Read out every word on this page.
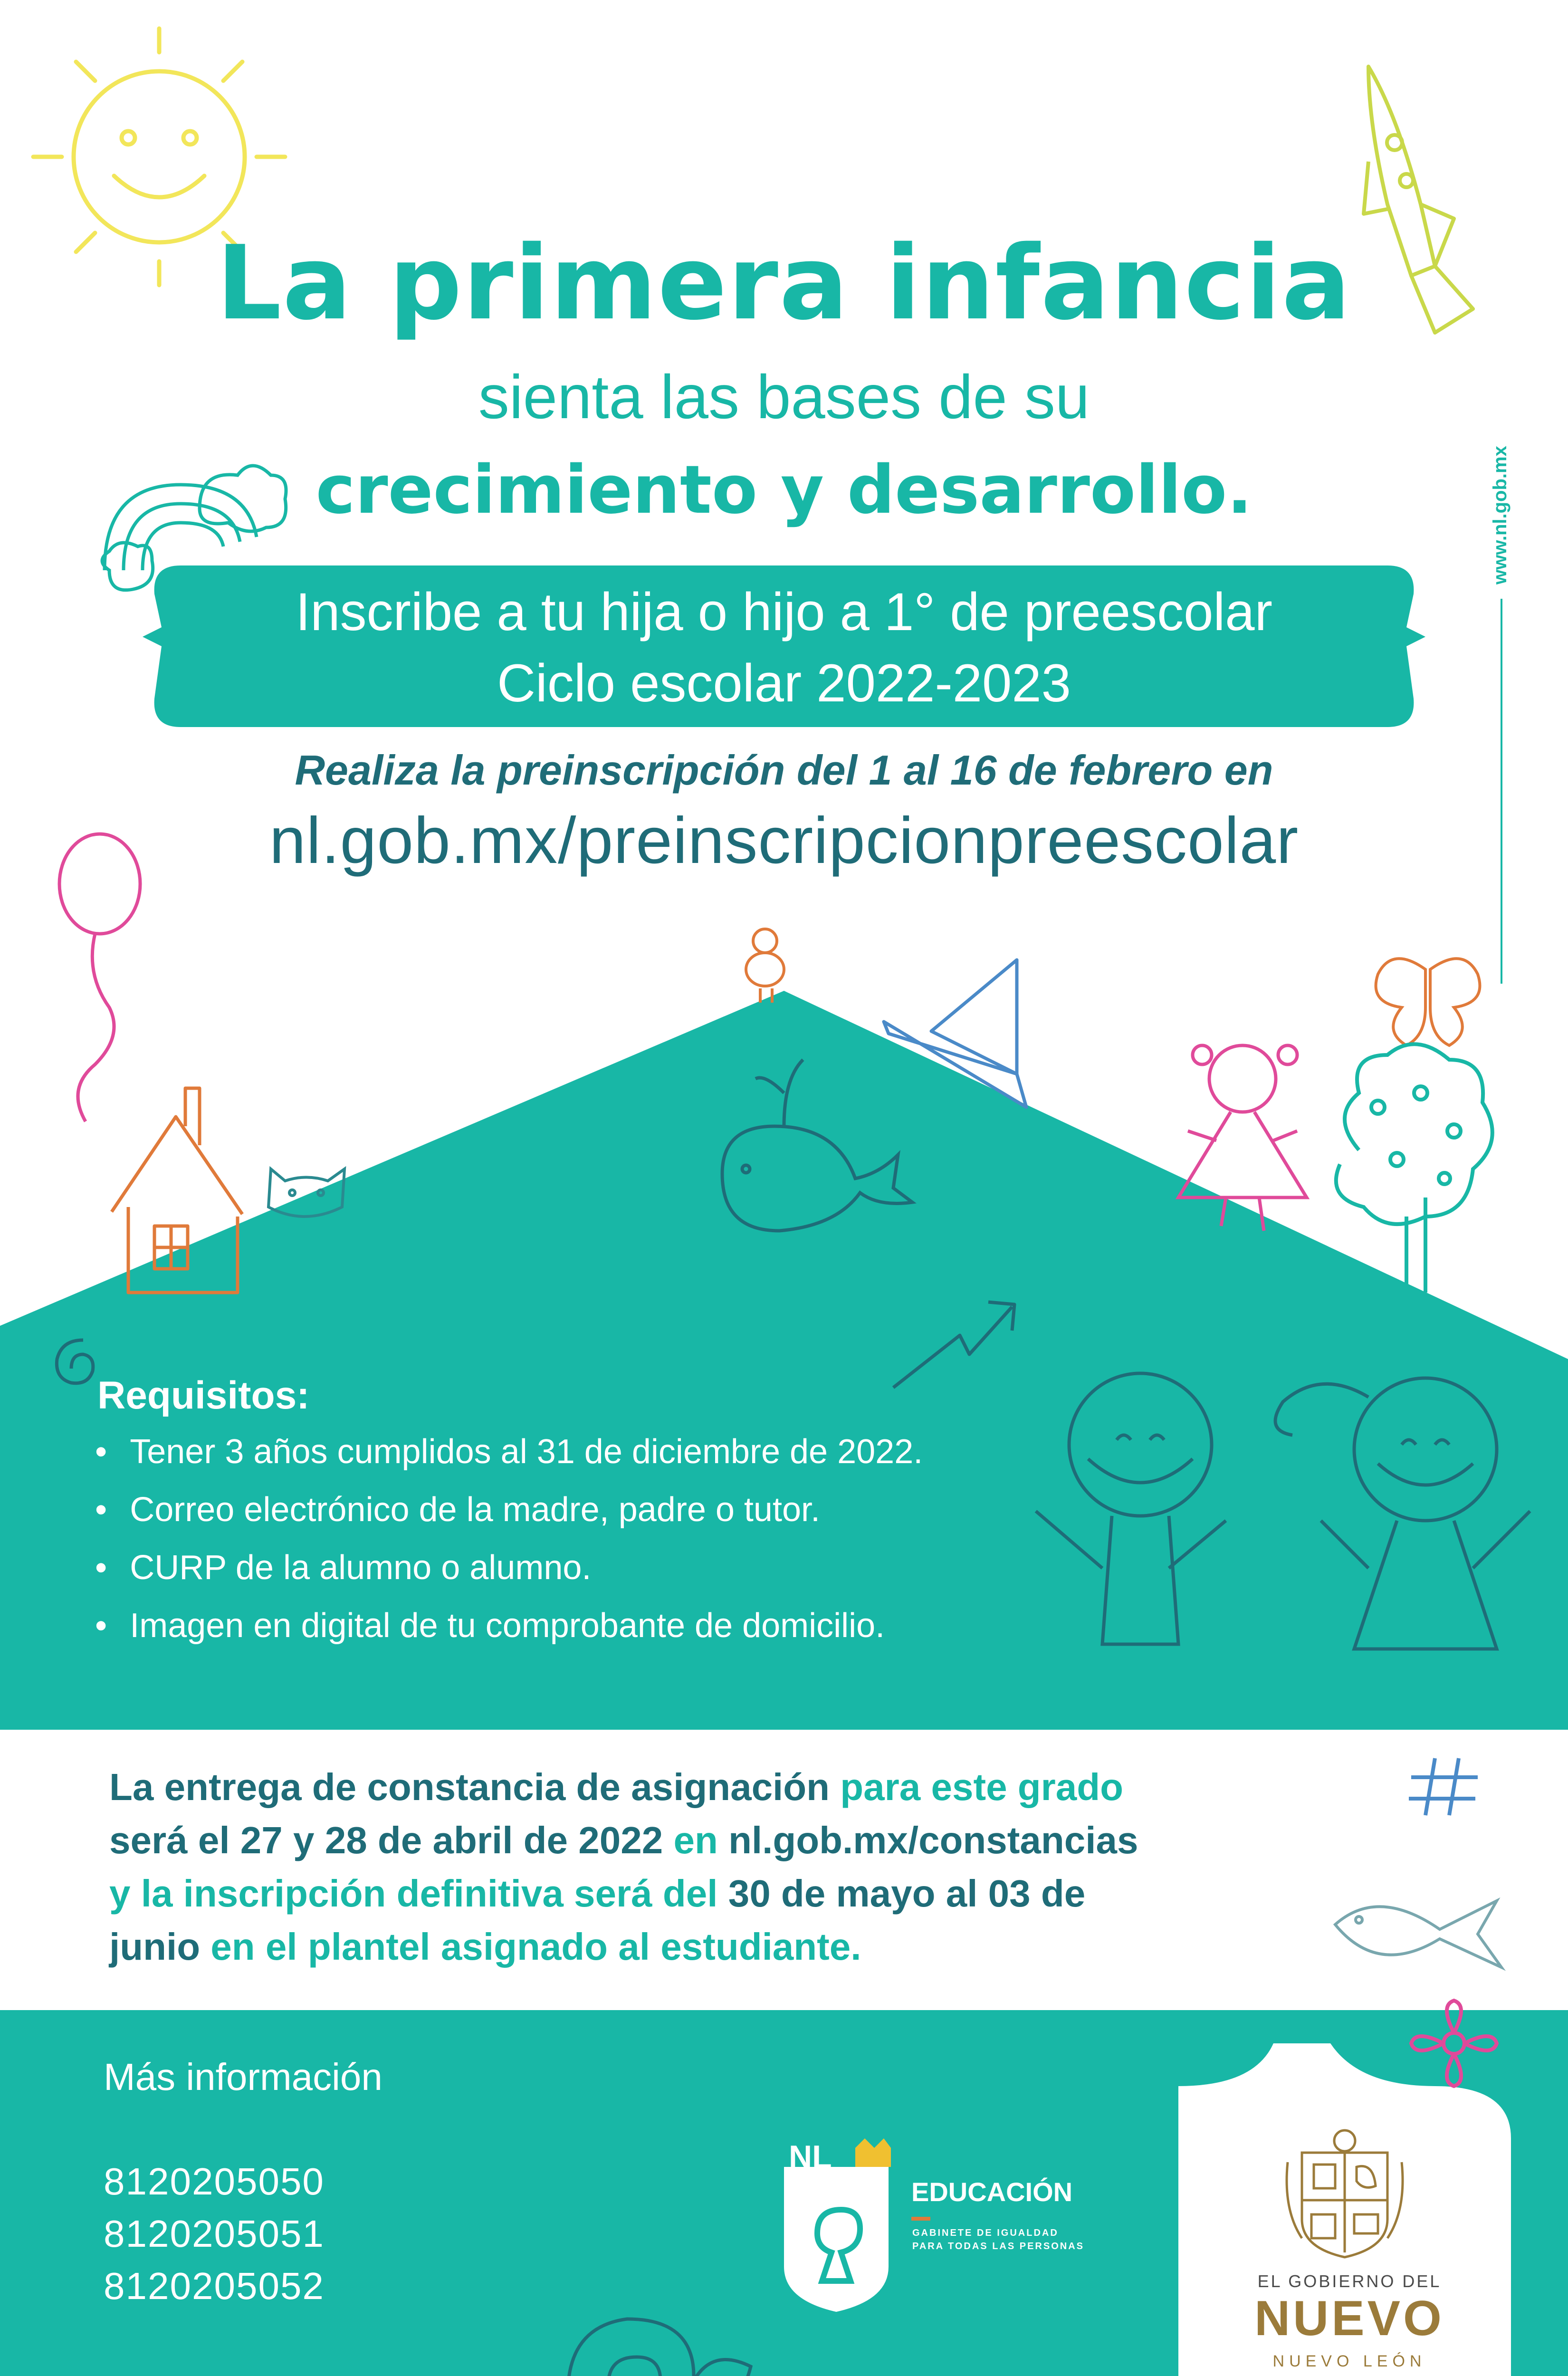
La primera infancia
sienta las bases de su
crecimiento y desarrollo.
Inscribe a tu hija o hijo a 1° de preescolar
Ciclo escolar 2022-2023
Realiza la preinscripción del 1 al 16 de febrero en
nl.gob.mx/preinscripcionpreescolar
www.nl.gob.mx
Requisitos:
• Tener 3 años cumplidos al 31 de diciembre de 2022.
• Correo electrónico de la madre, padre o tutor.
• CURP de la alumno o alumno.
• Imagen en digital de tu comprobante de domicilio.
La entrega de constancia de asignación para este grado
será el 27 y 28 de abril de 2022 en nl.gob.mx/constancias
y la inscripción definitiva será del 30 de mayo al 03 de
junio en el plantel asignado al estudiante.
Más información
8120205050
8120205051
8120205052
NL
EDUCACIÓN
GABINETE DE IGUALDAD
PARA TODAS LAS PERSONAS
EL GOBIERNO DEL
NUEVO
NUEVO LEÓN
